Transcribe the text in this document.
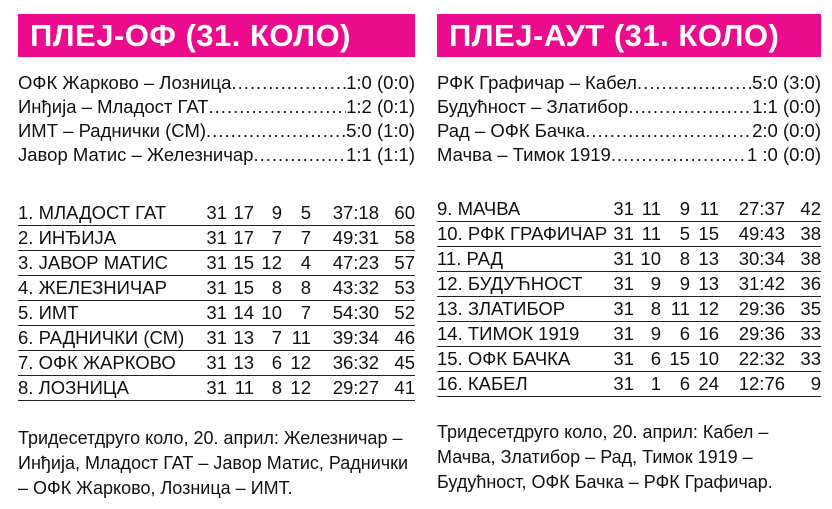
ПЛЕЈ-ОФ (31. КОЛО)
ОФК Жарково – Лозница .....	1:0 (0:0)
Инђија – Младост ГАТ .....	1:2 (0:1)
ИМТ – Раднички (СМ) .....	5:0 (1:0)
Јавор Матис – Железничар .....	1:1 (1:1)
1. МЛАДОСТ ГАТ	31 17 9	5	37:18 60
2. ИНЂИЈА	31 17 7	7	49:31 58
3. ЈАВОР МАТИС	31 15 12	4	47:23 57
4. ЖЕЛЕЗНИЧАР	31 15 8	8	43:32 53
5. ИМТ	31 14 10	7	54:30 52
6. РАДНИЧКИ (СМ)	31 13 7 11	39:34 46
7. ОФК ЖАРКОВО	31 13 6 12	36:32 45
8. ЛОЗНИЦА	31 11 8 12	29:27 41
Тридесетдруго коло, 20. април: Железничар – Инђија, Младост ГАТ – Јавор Матис, Раднички – ОФК Жарково, Лозница – ИМТ.
ПЛЕЈ-АУТ (31. КОЛО)
РФК Графичар – Кабел .....	5:0 (3:0)
Будућност – Златибор .....	1:1 (0:0)
Рад – ОФК Бачка .....	2:0 (0:0)
Мачва – Тимок 1919 .....	1 :0 (0:0)
9. МАЧВА	31 11	9 11	27:37 42
10. РФК ГРАФИЧАР 31 11	5 15	49:43 38
11. РАД	31 10	8 13	30:34 38
12. БУДУЋНОСТ	31 9	9 13	31:42 36
13. ЗЛАТИБОР	31 8 11 12	29:36 35
14. ТИМОК 1919	31 9	6 16	29:36 33
15. ОФК БАЧКА	31 6 15 10	22:32 33
16. КАБЕЛ	31 1	6 24	12:76	9
Тридесетдруго коло, 20. април: Кабел – Мачва, Златибор – Рад, Тимок 1919 – Будућност, ОФК Бачка – РФК Графичар.
